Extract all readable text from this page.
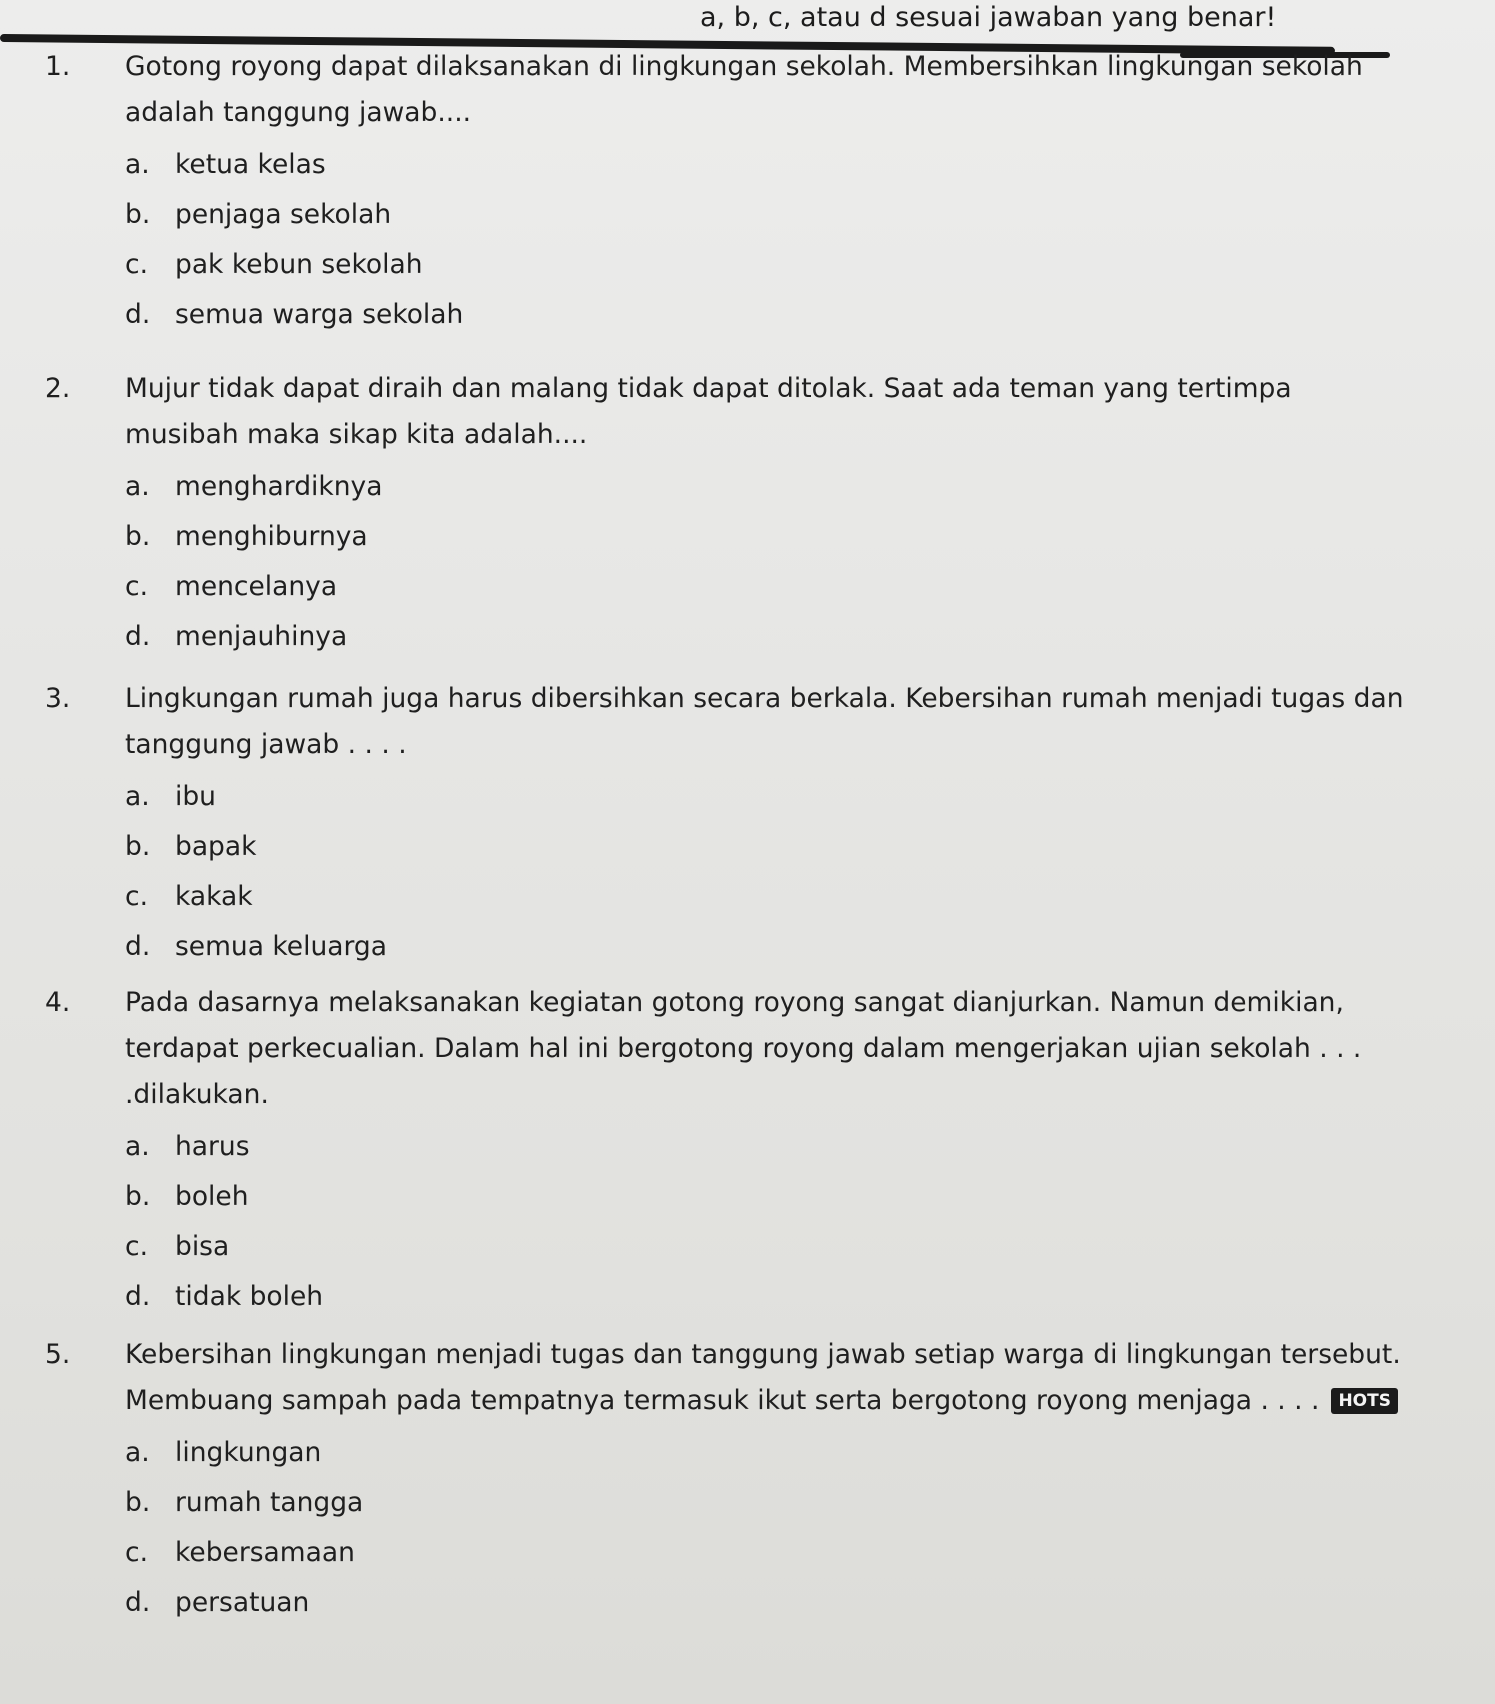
a, b, c, atau d sesuai jawaban yang benar!
1. Gotong royong dapat dilaksanakan di lingkungan sekolah. Membersihkan lingkungan sekolah adalah tanggung jawab....
a. ketua kelas
b. penjaga sekolah
c. pak kebun sekolah
d. semua warga sekolah
2. Mujur tidak dapat diraih dan malang tidak dapat ditolak. Saat ada teman yang tertimpa musibah maka sikap kita adalah....
a. menghardiknya
b. menghiburnya
c. mencelanya
d. menjauhinya
3. Lingkungan rumah juga harus dibersihkan secara berkala. Kebersihan rumah menjadi tugas dan tanggung jawab . . . .
a. ibu
b. bapak
c. kakak
d. semua keluarga
4. Pada dasarnya melaksanakan kegiatan gotong royong sangat dianjurkan. Namun demikian, terdapat perkecualian. Dalam hal ini bergotong royong dalam mengerjakan ujian sekolah . . . .dilakukan.
a. harus
b. boleh
c. bisa
d. tidak boleh
5. Kebersihan lingkungan menjadi tugas dan tanggung jawab setiap warga di lingkungan tersebut. Membuang sampah pada tempatnya termasuk ikut serta bergotong royong menjaga . . . . HOTS
a. lingkungan
b. rumah tangga
c. kebersamaan
d. persatuan
